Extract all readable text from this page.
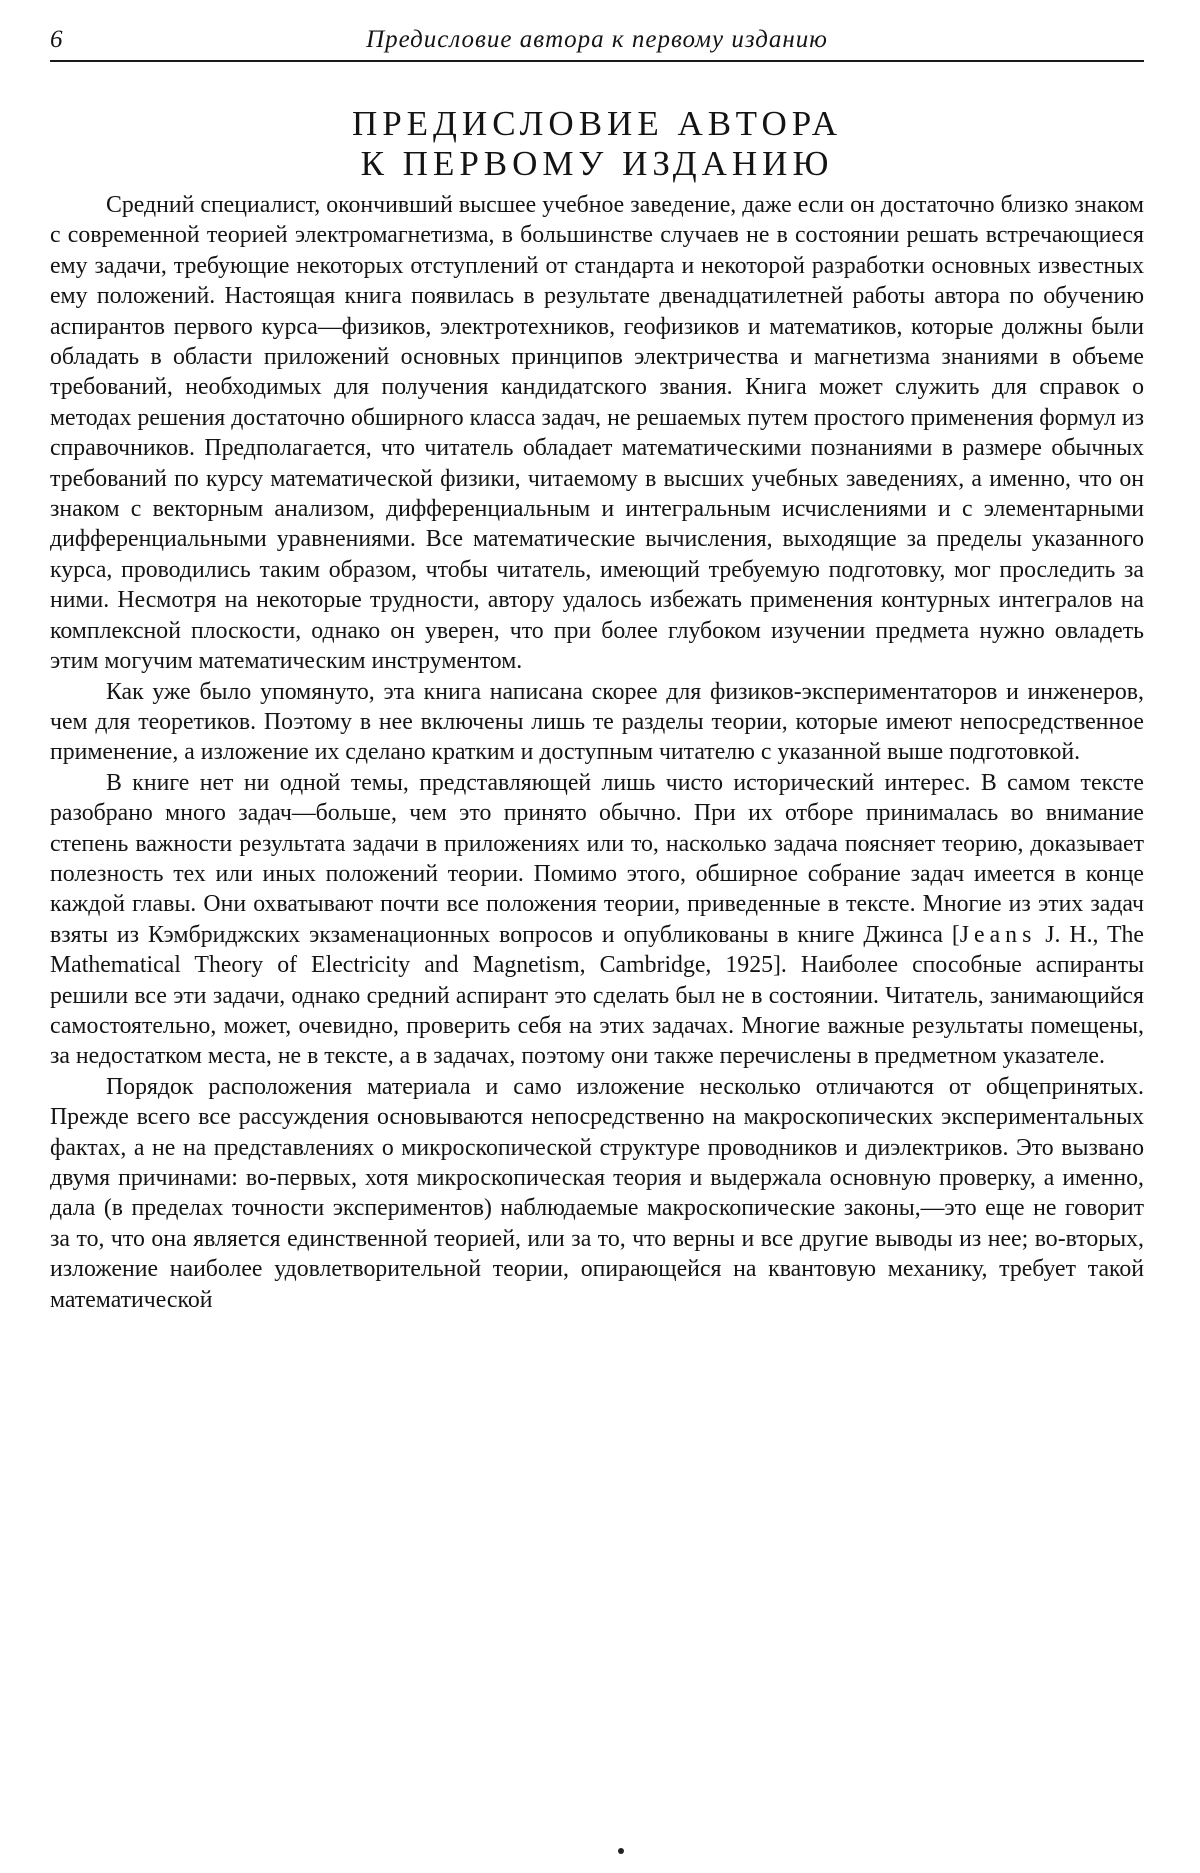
6	Предисловие автора к первому изданию
ПРЕДИСЛОВИЕ АВТОРА
К ПЕРВОМУ ИЗДАНИЮ

Средний специалист, окончивший высшее учебное заведение, даже если он достаточно близко знаком с современной теорией электромагнетизма, в большинстве случаев не в состоянии решать встречающиеся ему задачи, требующие некоторых отступлений от стандарта и некоторой разработки основных известных ему положений. Настоящая книга появилась в результате двенадцатилетней работы автора по обучению аспирантов первого курса—физиков, электротехников, геофизиков и математиков, которые должны были обладать в области приложений основных принципов электричества и магнетизма знаниями в объеме требований, необходимых для получения кандидатского звания. Книга может служить для справок о методах решения достаточно обширного класса задач, не решаемых путем простого применения формул из справочников. Предполагается, что читатель обладает математическими познаниями в размере обычных требований по курсу математической физики, читаемому в высших учебных заведениях, а именно, что он знаком с векторным анализом, дифференциальным и интегральным исчислениями и с элементарными дифференциальными уравнениями. Все математические вычисления, выходящие за пределы указанного курса, проводились таким образом, чтобы читатель, имеющий требуемую подготовку, мог проследить за ними. Несмотря на некоторые трудности, автору удалось избежать применения контурных интегралов на комплексной плоскости, однако он уверен, что при более глубоком изучении предмета нужно овладеть этим могучим математическим инструментом.

Как уже было упомянуто, эта книга написана скорее для физиков-экспериментаторов и инженеров, чем для теоретиков. Поэтому в нее включены лишь те разделы теории, которые имеют непосредственное применение, а изложение их сделано кратким и доступным читателю с указанной выше подготовкой.

В книге нет ни одной темы, представляющей лишь чисто исторический интерес. В самом тексте разобрано много задач—больше, чем это принято обычно. При их отборе принималась во внимание степень важности результата задачи в приложениях или то, насколько задача поясняет теорию, доказывает полезность тех или иных положений теории. Помимо этого, обширное собрание задач имеется в конце каждой главы. Они охватывают почти все положения теории, приведенные в тексте. Многие из этих задач взяты из Кэмбриджских экзаменационных вопросов и опубликованы в книге Джинса [Jeans J. H., The Mathematical Theory of Electricity and Magnetism, Cambridge, 1925]. Наиболее способные аспиранты решили все эти задачи, однако средний аспирант это сделать был не в состоянии. Читатель, занимающийся самостоятельно, может, очевидно, проверить себя на этих задачах. Многие важные результаты помещены, за недостатком места, не в тексте, а в задачах, поэтому они также перечислены в предметном указателе.

Порядок расположения материала и само изложение несколько отличаются от общепринятых. Прежде всего все рассуждения основываются непосредственно на макроскопических экспериментальных фактах, а не на представлениях о микроскопической структуре проводников и диэлектриков. Это вызвано двумя причинами: во-первых, хотя микроскопическая теория и выдержала основную проверку, а именно, дала (в пределах точности экспериментов) наблюдаемые макроскопические законы,—это еще не говорит за то, что она является единственной теорией, или за то, что верны и все другие выводы из нее; во-вторых, изложение наиболее удовлетворительной теории, опирающейся на квантовую механику, требует такой математической
